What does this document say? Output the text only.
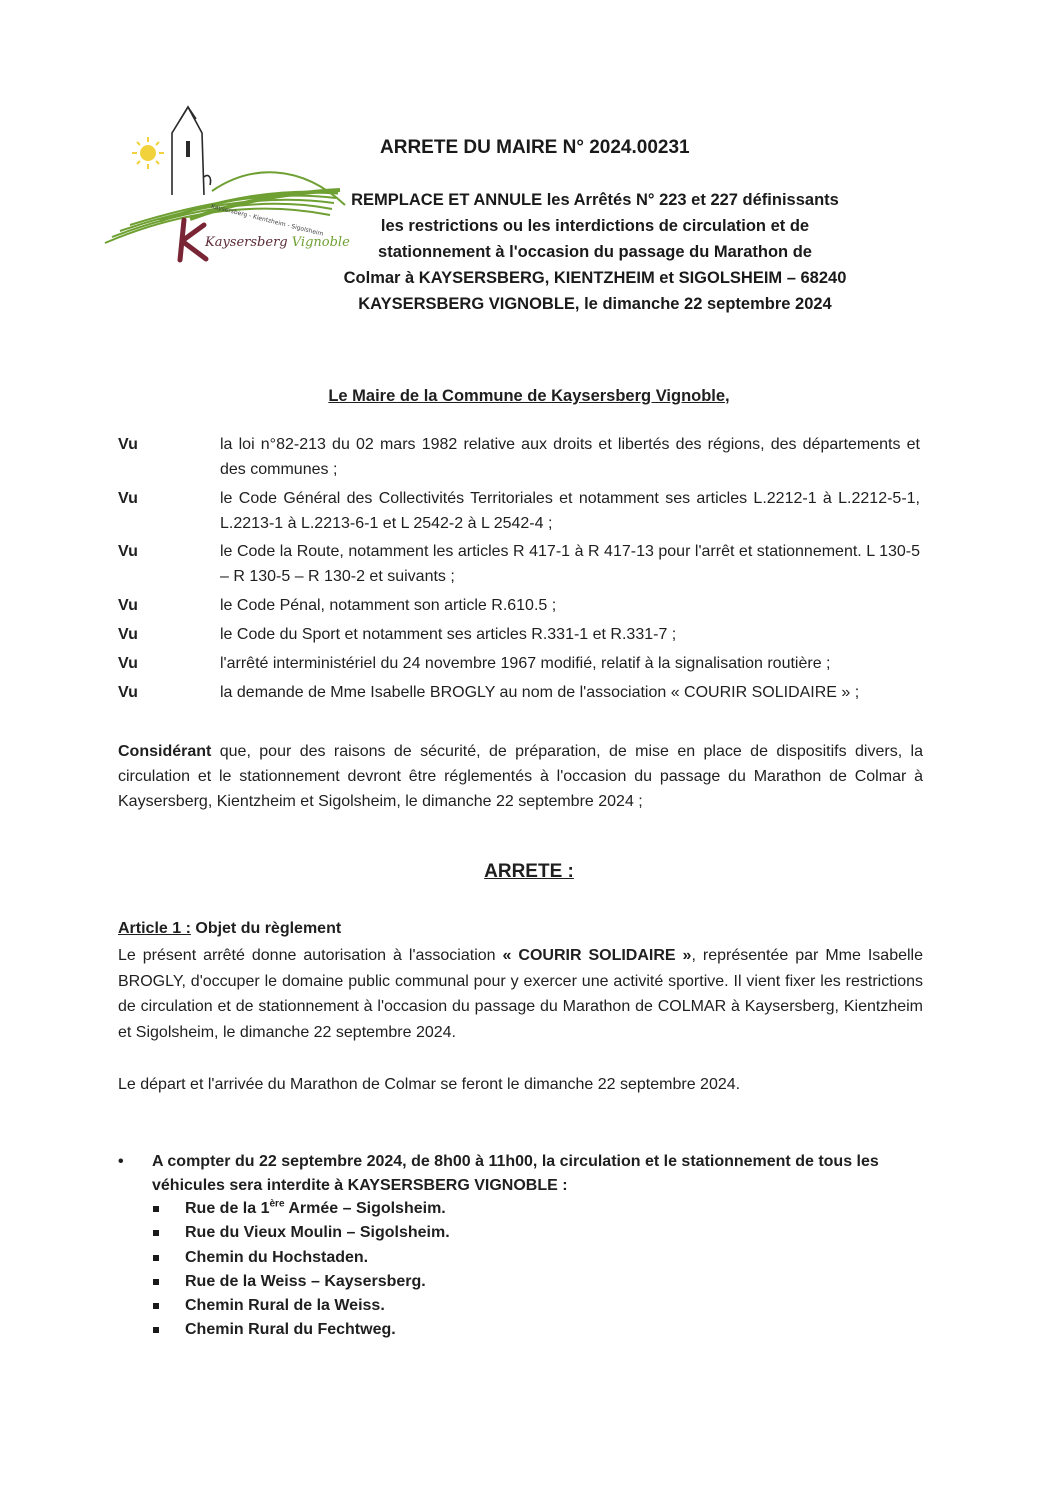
Kaysersberg - Kientzheim - Sigolsheim
Kaysersberg Vignoble
ARRETE DU MAIRE N° 2024.00231
REMPLACE ET ANNULE les Arrêtés N° 223 et 227 définissants
les restrictions ou les interdictions de circulation et de
stationnement à l'occasion du passage du Marathon de
Colmar à KAYSERSBERG, KIENTZHEIM et SIGOLSHEIM – 68240
KAYSERSBERG VIGNOBLE, le dimanche 22 septembre 2024
Le Maire de la Commune de Kaysersberg Vignoble,
Vu	la loi n°82-213 du 02 mars 1982 relative aux droits et libertés des régions, des départements et des communes ;
Vu	le Code Général des Collectivités Territoriales et notamment ses articles L.2212-1 à L.2212-5-1, L.2213-1 à L.2213-6-1 et L 2542-2 à L 2542-4 ;
Vu	le Code la Route, notamment les articles R 417-1 à R 417-13 pour l'arrêt et stationnement. L 130-5 – R 130-5 – R 130-2 et suivants ;
Vu	le Code Pénal, notamment son article R.610.5 ;
Vu	le Code du Sport et notamment ses articles R.331-1 et R.331-7 ;
Vu	l'arrêté interministériel du 24 novembre 1967 modifié, relatif à la signalisation routière ;
Vu	la demande de Mme Isabelle BROGLY au nom de l'association « COURIR SOLIDAIRE » ;
Considérant que, pour des raisons de sécurité, de préparation, de mise en place de dispositifs divers, la circulation et le stationnement devront être réglementés à l'occasion du passage du Marathon de Colmar à Kaysersberg, Kientzheim et Sigolsheim, le dimanche 22 septembre 2024 ;
ARRETE :
Article 1 : Objet du règlement
Le présent arrêté donne autorisation à l'association « COURIR SOLIDAIRE », représentée par Mme Isabelle BROGLY, d'occuper le domaine public communal pour y exercer une activité sportive. Il vient fixer les restrictions de circulation et de stationnement à l'occasion du passage du Marathon de COLMAR à Kaysersberg, Kientzheim et Sigolsheim, le dimanche 22 septembre 2024.
Le départ et l'arrivée du Marathon de Colmar se feront le dimanche 22 septembre 2024.
• A compter du 22 septembre 2024, de 8h00 à 11h00, la circulation et le stationnement de tous les véhicules sera interdite à KAYSERSBERG VIGNOBLE :
Rue de la 1ère Armée – Sigolsheim.
Rue du Vieux Moulin – Sigolsheim.
Chemin du Hochstaden.
Rue de la Weiss – Kaysersberg.
Chemin Rural de la Weiss.
Chemin Rural du Fechtweg.
